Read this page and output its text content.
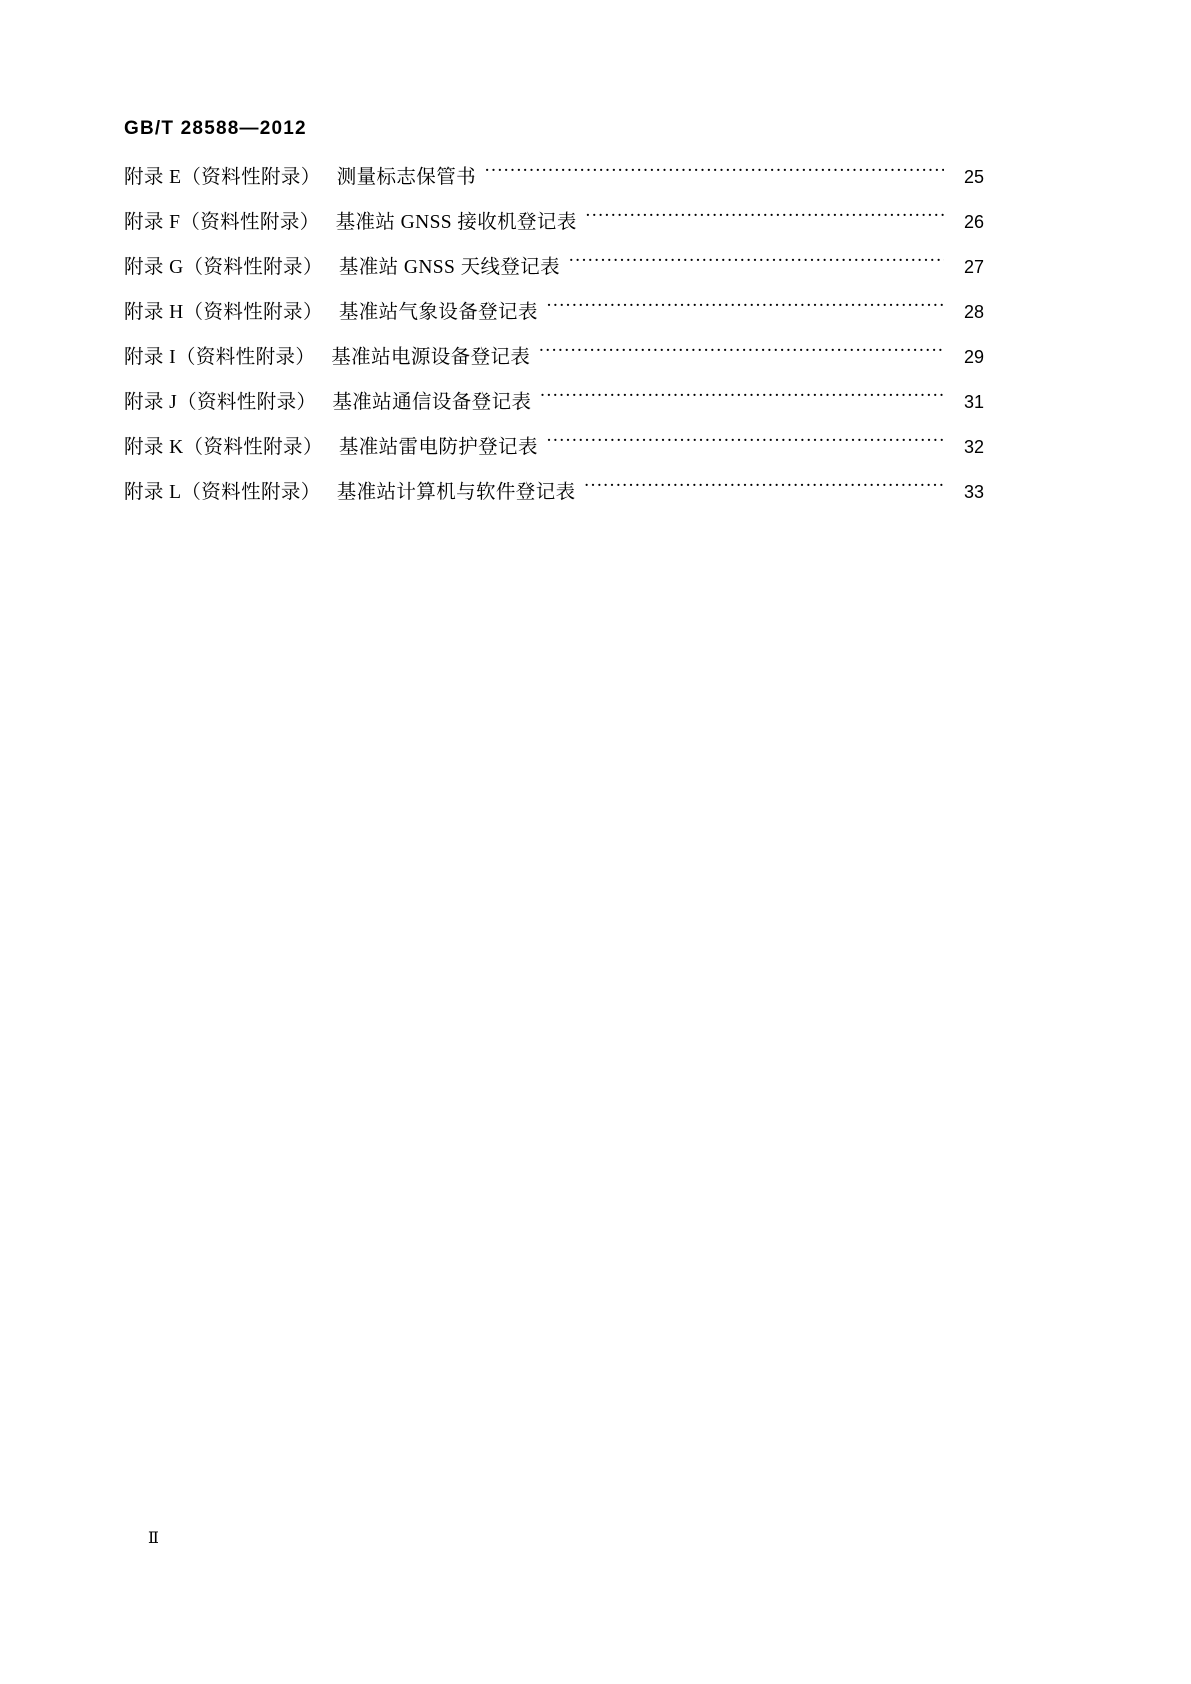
GB/T 28588—2012
附录 E（资料性附录） 测量标志保管书 …………………………………………………………………………………………………………………………………………………………………	25
附录 F（资料性附录） 基准站 GNSS 接收机登记表 …………………………………………………………………………………………………………………………………………………………………	26
附录 G（资料性附录） 基准站 GNSS 天线登记表 …………………………………………………………………………………………………………………………………………………………………	27
附录 H（资料性附录） 基准站气象设备登记表 …………………………………………………………………………………………………………………………………………………………………	28
附录 I（资料性附录） 基准站电源设备登记表 …………………………………………………………………………………………………………………………………………………………………	29
附录 J（资料性附录） 基准站通信设备登记表 …………………………………………………………………………………………………………………………………………………………………	31
附录 K（资料性附录） 基准站雷电防护登记表 …………………………………………………………………………………………………………………………………………………………………	32
附录 L（资料性附录） 基准站计算机与软件登记表 …………………………………………………………………………………………………………………………………………………………………	33
Ⅱ
